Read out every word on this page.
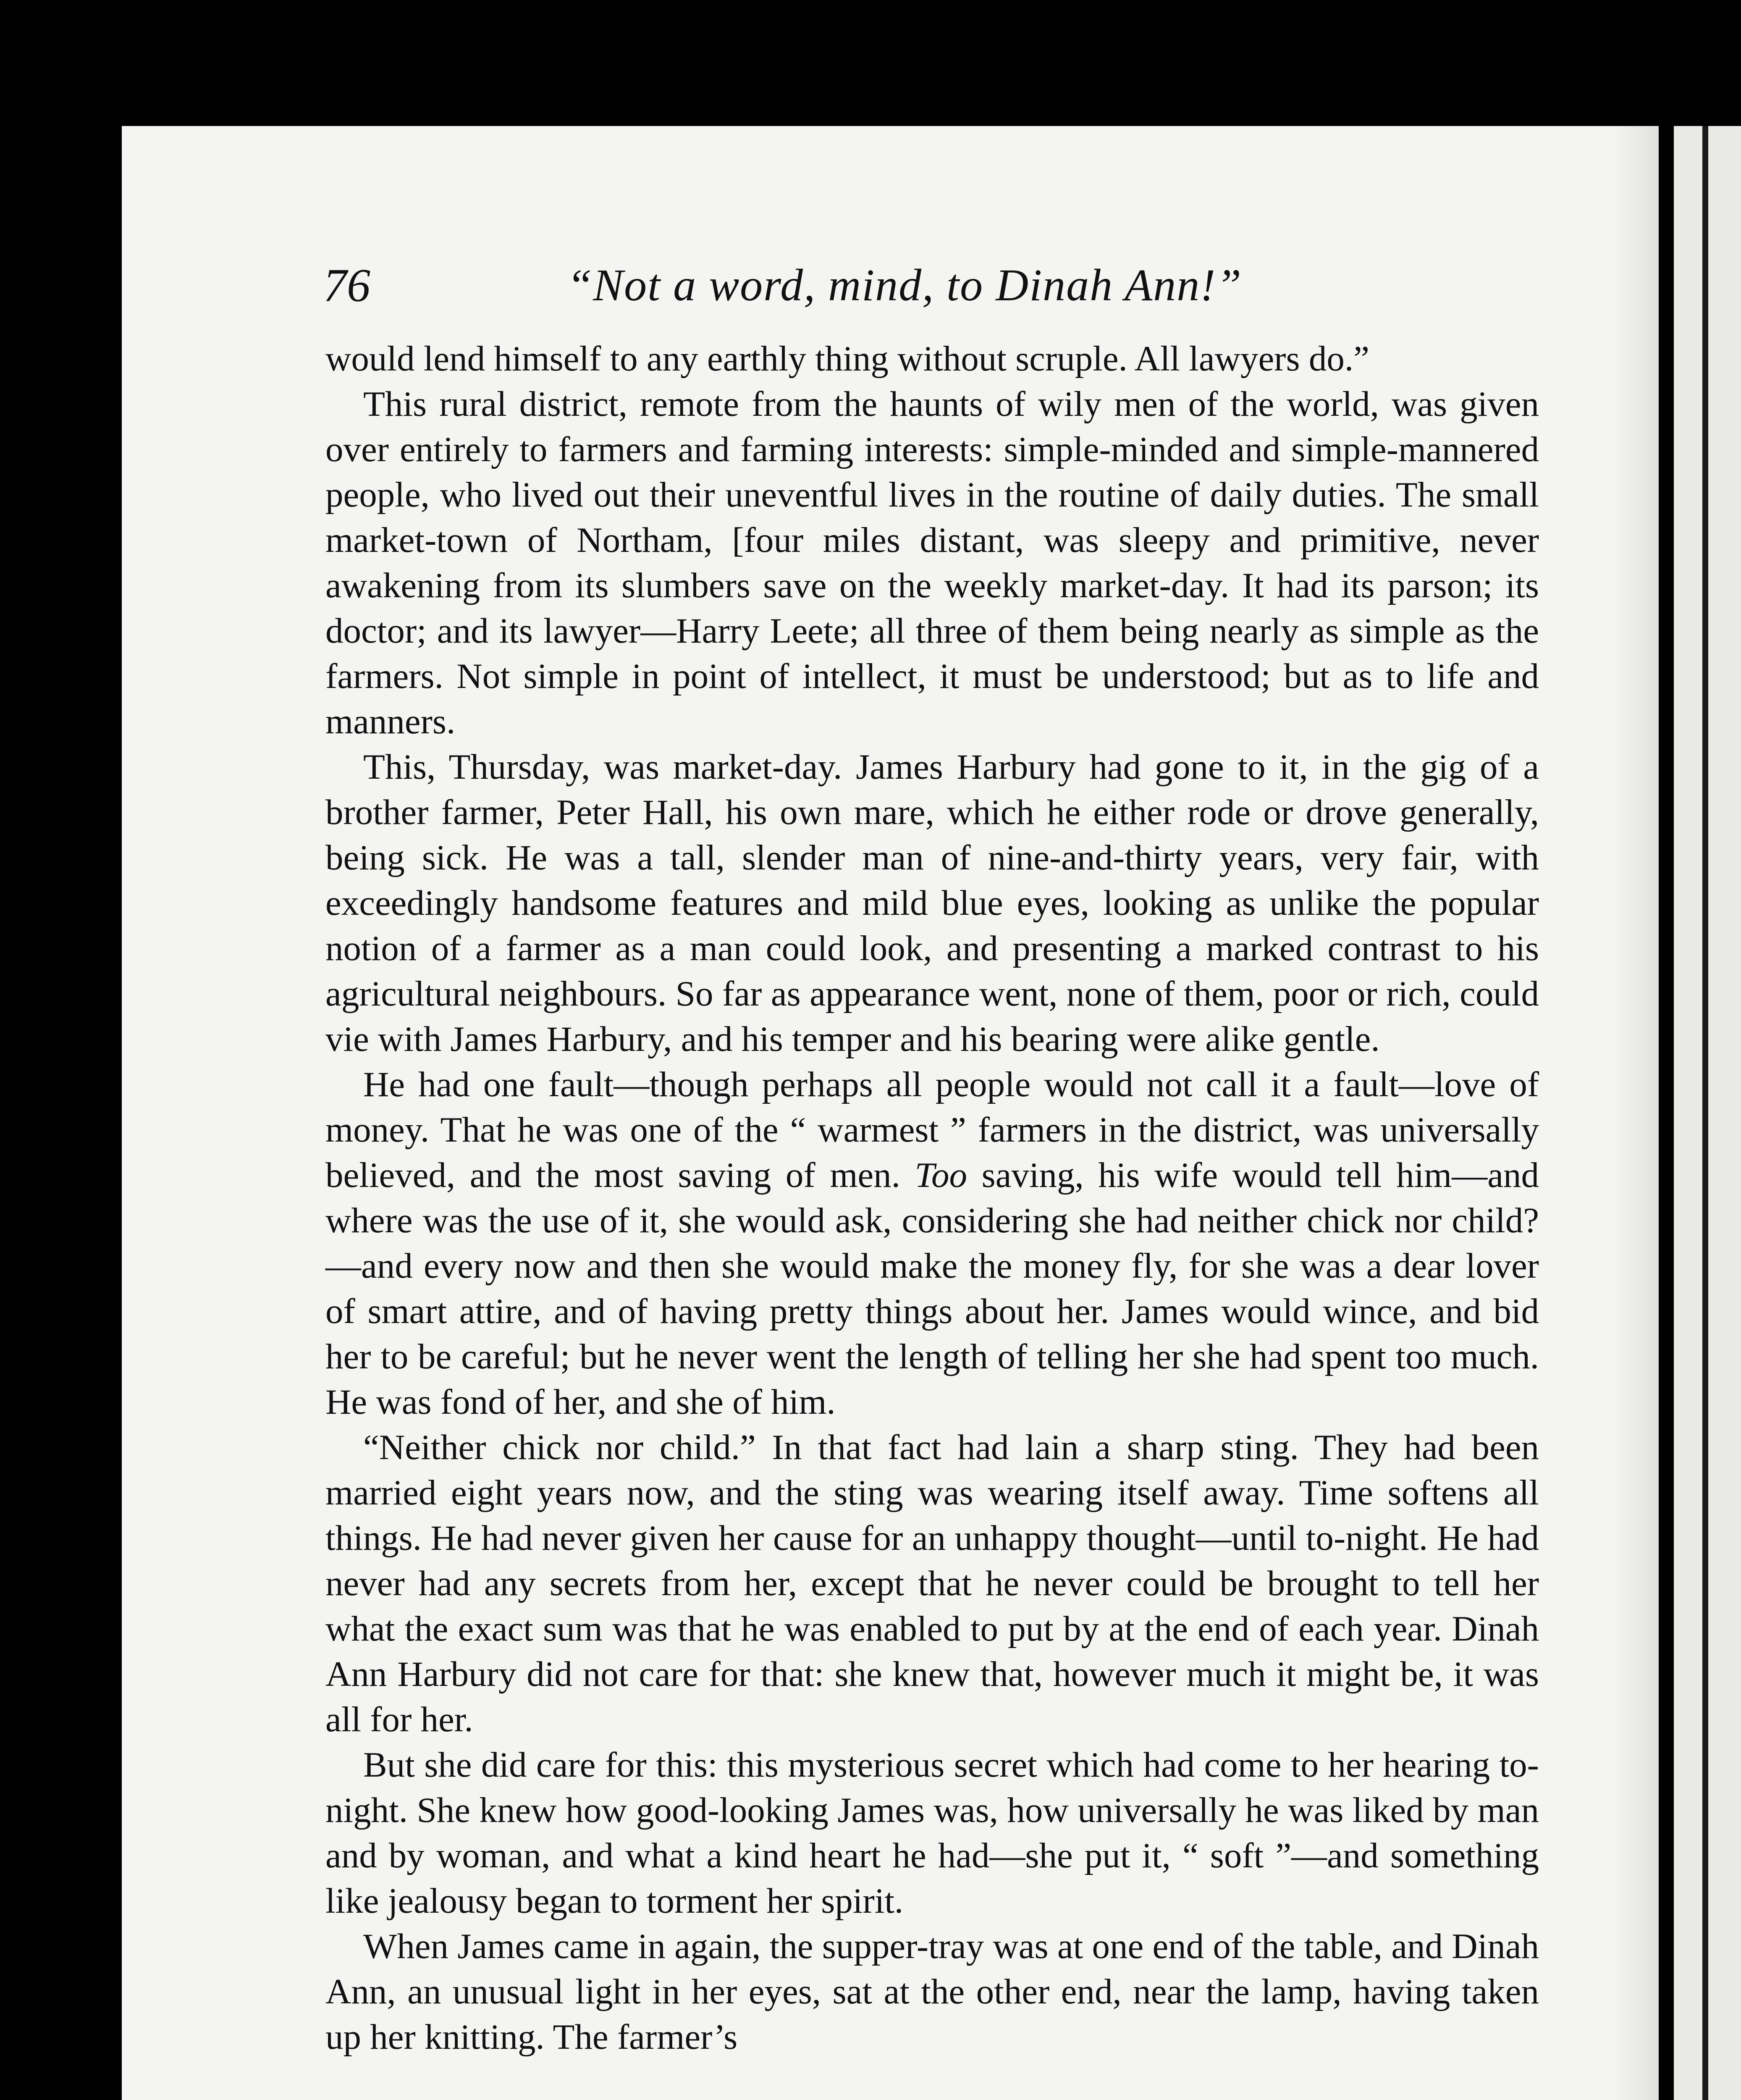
76	“Not a word, mind, to Dinah Ann!”

would lend himself to any earthly thing without scruple. All lawyers do.”

This rural district, remote from the haunts of wily men of the world, was given over entirely to farmers and farming interests: simple-minded and simple-mannered people, who lived out their uneventful lives in the routine of daily duties. The small market-town of Northam, [four miles distant, was sleepy and primitive, never awakening from its slumbers save on the weekly market-day. It had its parson; its doctor; and its lawyer—Harry Leete; all three of them being nearly as simple as the farmers. Not simple in point of intellect, it must be understood; but as to life and manners.

This, Thursday, was market-day. James Harbury had gone to it, in the gig of a brother farmer, Peter Hall, his own mare, which he either rode or drove generally, being sick. He was a tall, slender man of nine-and-thirty years, very fair, with exceedingly handsome features and mild blue eyes, looking as unlike the popular notion of a farmer as a man could look, and presenting a marked contrast to his agricultural neighbours. So far as appearance went, none of them, poor or rich, could vie with James Harbury, and his temper and his bearing were alike gentle.

He had one fault—though perhaps all people would not call it a fault—love of money. That he was one of the “ warmest ” farmers in the district, was universally believed, and the most saving of men. Too saving, his wife would tell him—and where was the use of it, she would ask, considering she had neither chick nor child?—and every now and then she would make the money fly, for she was a dear lover of smart attire, and of having pretty things about her. James would wince, and bid her to be careful; but he never went the length of telling her she had spent too much. He was fond of her, and she of him.

“Neither chick nor child.” In that fact had lain a sharp sting. They had been married eight years now, and the sting was wearing itself away. Time softens all things. He had never given her cause for an unhappy thought—until to-night. He had never had any secrets from her, except that he never could be brought to tell her what the exact sum was that he was enabled to put by at the end of each year. Dinah Ann Harbury did not care for that: she knew that, however much it might be, it was all for her.

But she did care for this: this mysterious secret which had come to her hearing to-night. She knew how good-looking James was, how universally he was liked by man and by woman, and what a kind heart he had—she put it, “ soft ”—and something like jealousy began to torment her spirit.

When James came in again, the supper-tray was at one end of the table, and Dinah Ann, an unusual light in her eyes, sat at the other end, near the lamp, having taken up her knitting. The farmer’s
